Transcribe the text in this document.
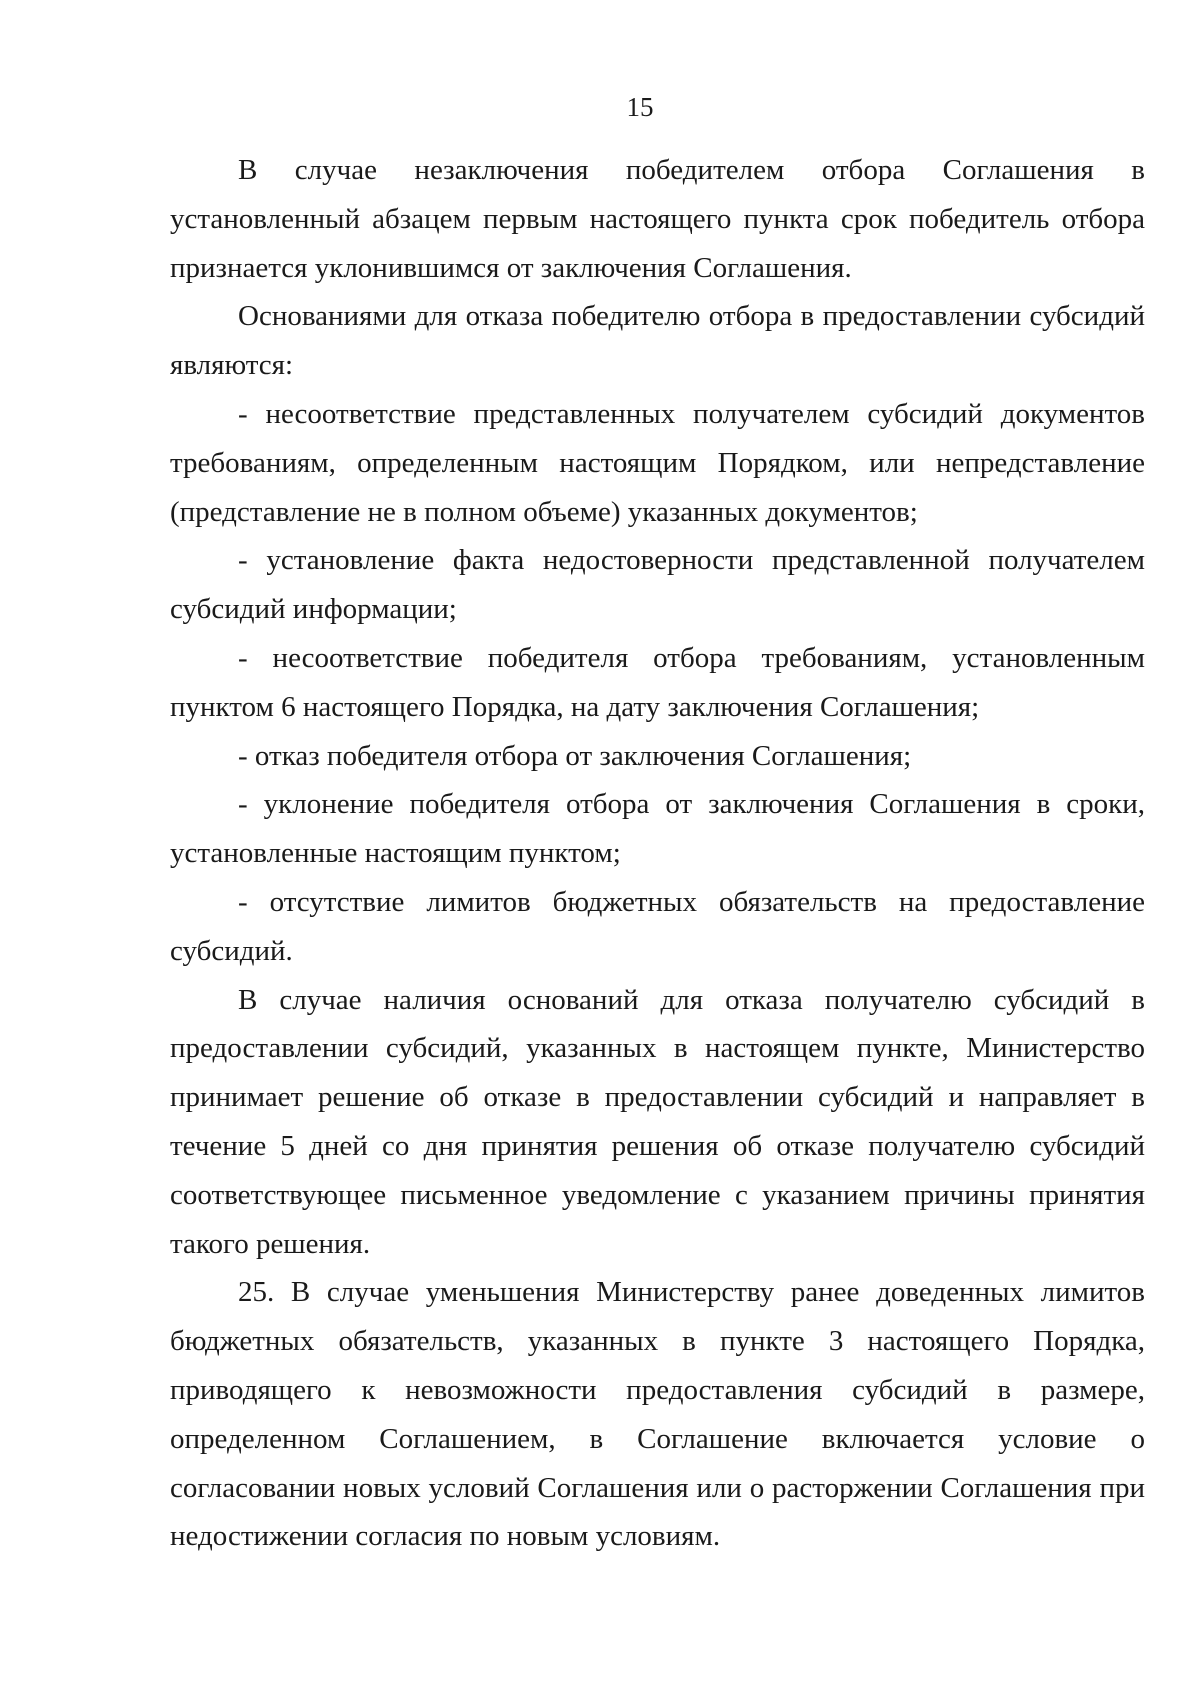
15

В случае незаключения победителем отбора Соглашения в установленный абзацем первым настоящего пункта срок победитель отбора признается уклонившимся от заключения Соглашения.

Основаниями для отказа победителю отбора в предоставлении субсидий являются:

- несоответствие представленных получателем субсидий документов требованиям, определенным настоящим Порядком, или непредставление (представление не в полном объеме) указанных документов;

- установление факта недостоверности представленной получателем субсидий информации;

- несоответствие победителя отбора требованиям, установленным пунктом 6 настоящего Порядка, на дату заключения Соглашения;

- отказ победителя отбора от заключения Соглашения;

- уклонение победителя отбора от заключения Соглашения в сроки, установленные настоящим пунктом;

- отсутствие лимитов бюджетных обязательств на предоставление субсидий.

В случае наличия оснований для отказа получателю субсидий в предоставлении субсидий, указанных в настоящем пункте, Министерство принимает решение об отказе в предоставлении субсидий и направляет в течение 5 дней со дня принятия решения об отказе получателю субсидий соответствующее письменное уведомление с указанием причины принятия такого решения.

25. В случае уменьшения Министерству ранее доведенных лимитов бюджетных обязательств, указанных в пункте 3 настоящего Порядка, приводящего к невозможности предоставления субсидий в размере, определенном Соглашением, в Соглашение включается условие о согласовании новых условий Соглашения или о расторжении Соглашения при недостижении согласия по новым условиям.
